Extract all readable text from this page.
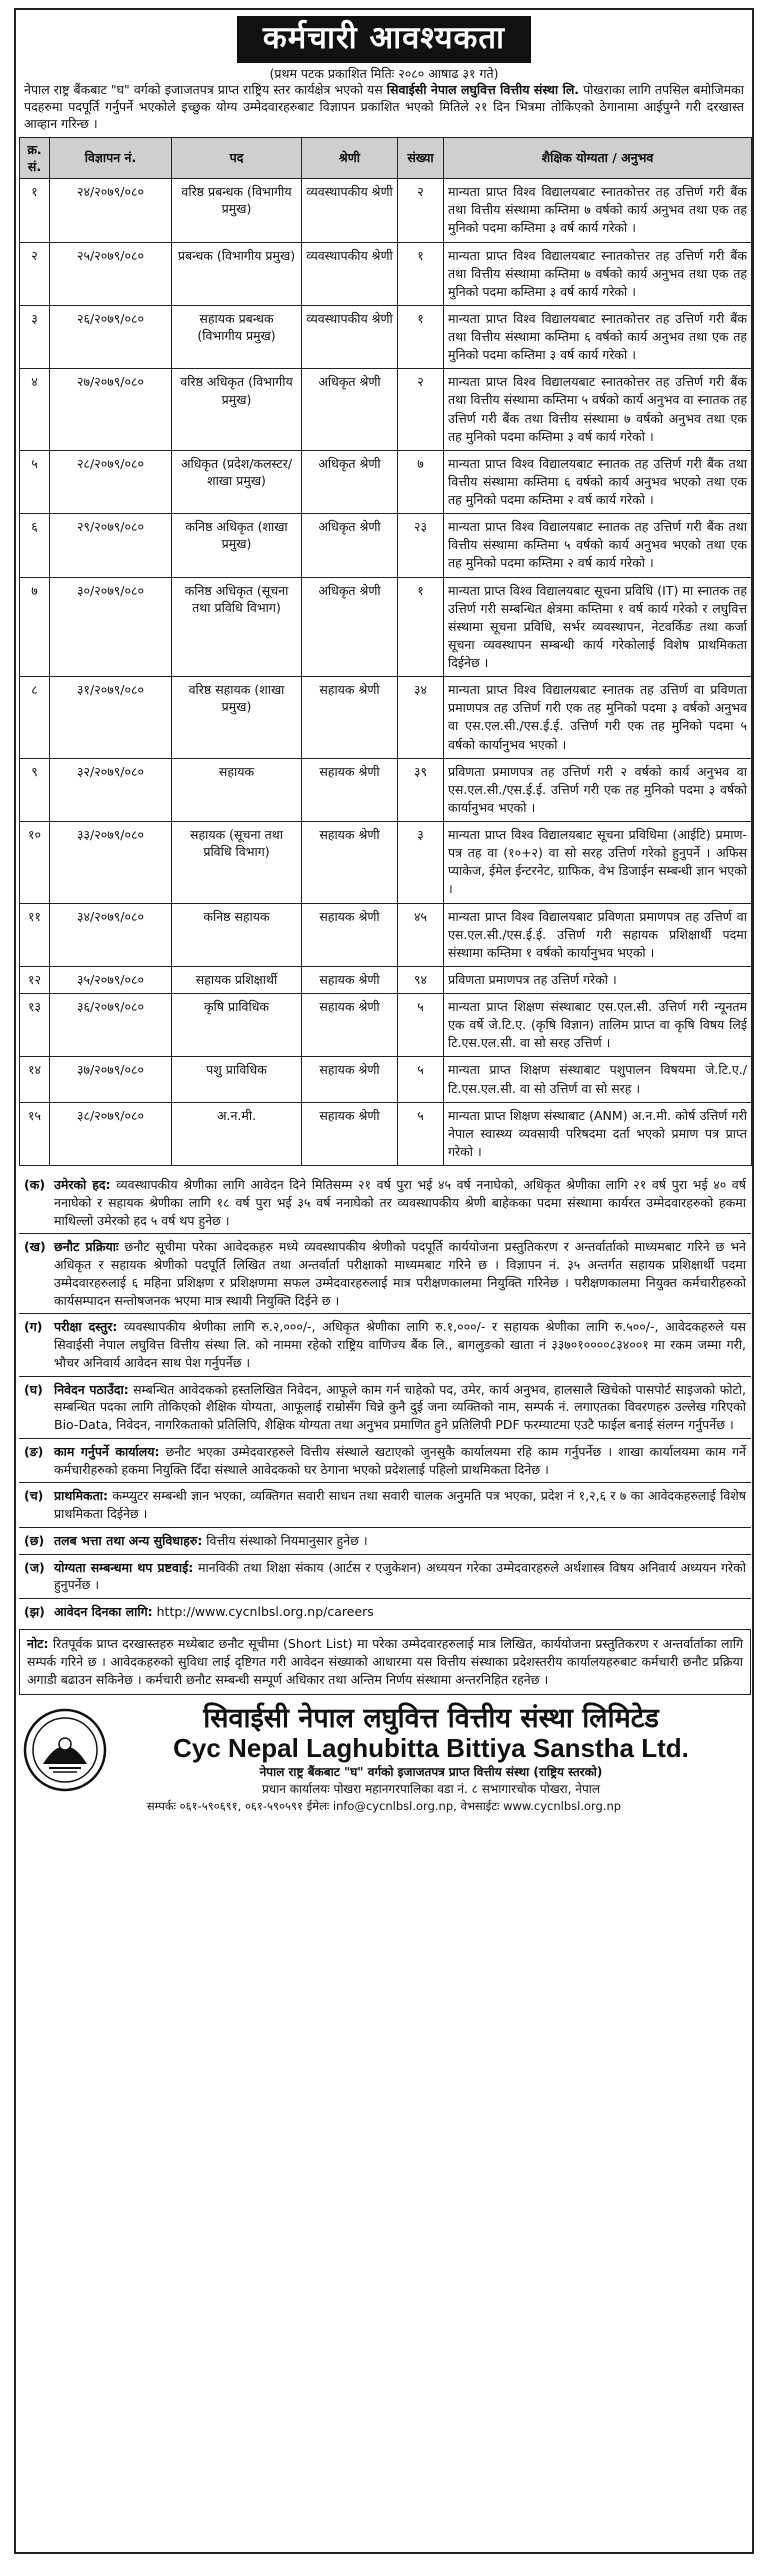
कर्मचारी आवश्यकता
(प्रथम पटक प्रकाशित मितिः २०८० आषाढ ३१ गते)
नेपाल राष्ट्र बैंकबाट "घ" वर्गको इजाजतपत्र प्राप्त राष्ट्रिय स्तर कार्यक्षेत्र भएको यस सिवाईसी नेपाल लघुवित्त वित्तीय संस्था लि. पोखराका लागि तपसिल बमोजिमका पदहरुमा पदपूर्ति गर्नुपर्ने भएकोले इच्छुक योग्य उम्मेदवारहरुबाट विज्ञापन प्रकाशित भएको मितिले २१ दिन भित्रमा तोकिएको ठेगानामा आईपुग्ने गरी दरखास्त आव्हान गरिन्छ ।
क्र. सं.	विज्ञापन नं.	पद	श्रेणी	संख्या	शैक्षिक योग्यता / अनुभव
१	२४/२०७९/०८०	वरिष्ठ प्रबन्धक (विभागीय प्रमुख)	व्यवस्थापकीय श्रेणी	२	मान्यता प्राप्त विश्व विद्यालयबाट स्नातकोत्तर तह उत्तिर्ण गरी बैंक तथा वित्तीय संस्थामा कम्तिमा ७ वर्षको कार्य अनुभव तथा एक तह मुनिको पदमा कम्तिमा ३ वर्ष कार्य गरेको ।
२	२५/२०७९/०८०	प्रबन्धक (विभागीय प्रमुख)	व्यवस्थापकीय श्रेणी	१	मान्यता प्राप्त विश्व विद्यालयबाट स्नातकोत्तर तह उत्तिर्ण गरी बैंक तथा वित्तीय संस्थामा कम्तिमा ७ वर्षको कार्य अनुभव तथा एक तह मुनिको पदमा कम्तिमा ३ वर्ष कार्य गरेको ।
३	२६/२०७९/०८०	सहायक प्रबन्धक (विभागीय प्रमुख)	व्यवस्थापकीय श्रेणी	१	मान्यता प्राप्त विश्व विद्यालयबाट स्नातकोत्तर तह उत्तिर्ण गरी बैंक तथा वित्तीय संस्थामा कम्तिमा ६ वर्षको कार्य अनुभव तथा एक तह मुनिको पदमा कम्तिमा ३ वर्ष कार्य गरेको ।
४	२७/२०७९/०८०	वरिष्ठ अधिकृत (विभागीय प्रमुख)	अधिकृत श्रेणी	२	मान्यता प्राप्त विश्व विद्यालयबाट स्नातकोत्तर तह उत्तिर्ण गरी बैंक तथा वित्तीय संस्थामा कम्तिमा ५ वर्षको कार्य अनुभव वा स्नातक तह उत्तिर्ण गरी बैंक तथा वित्तीय संस्थामा ७ वर्षको अनुभव तथा एक तह मुनिको पदमा कम्तिमा ३ वर्ष कार्य गरेको ।
५	२८/२०७९/०८०	अधिकृत (प्रदेश/कलस्टर/शाखा प्रमुख)	अधिकृत श्रेणी	७	मान्यता प्राप्त विश्व विद्यालयबाट स्नातक तह उत्तिर्ण गरी बैंक तथा वित्तीय संस्थामा कम्तिमा ६ वर्षको कार्य अनुभव भएको तथा एक तह मुनिको पदमा कम्तिमा २ वर्ष कार्य गरेको ।
६	२९/२०७९/०८०	कनिष्ठ अधिकृत (शाखा प्रमुख)	अधिकृत श्रेणी	२३	मान्यता प्राप्त विश्व विद्यालयबाट स्नातक तह उत्तिर्ण गरी बैंक तथा वित्तीय संस्थामा कम्तिमा ५ वर्षको कार्य अनुभव भएको तथा एक तह मुनिको पदमा कम्तिमा २ वर्ष कार्य गरेको ।
७	३०/२०७९/०८०	कनिष्ठ अधिकृत (सूचना तथा प्रविधि विभाग)	अधिकृत श्रेणी	१	मान्यता प्राप्त विश्व विद्यालयबाट सूचना प्रविधि (IT) मा स्नातक तह उत्तिर्ण गरी सम्बन्धित क्षेत्रमा कम्तिमा १ वर्ष कार्य गरेको र लघुवित्त संस्थामा सूचना प्रविधि, सर्भर व्यवस्थापन, नेटवर्किङ तथा कर्जा सूचना व्यवस्थापन सम्बन्धी कार्य गरेकोलाई विशेष प्राथमिकता दिईनेछ ।
८	३१/२०७९/०८०	वरिष्ठ सहायक (शाखा प्रमुख)	सहायक श्रेणी	३४	मान्यता प्राप्त विश्व विद्यालयबाट स्नातक तह उत्तिर्ण वा प्रविणता प्रमाणपत्र तह उत्तिर्ण गरी एक तह मुनिको पदमा ३ वर्षको अनुभव वा एस.एल.सी./एस.ई.ई. उत्तिर्ण गरी एक तह मुनिको पदमा ५ वर्षको कार्यानुभव भएको ।
९	३२/२०७९/०८०	सहायक	सहायक श्रेणी	३९	प्रविणता प्रमाणपत्र तह उत्तिर्ण गरी २ वर्षको कार्य अनुभव वा एस.एल.सी./एस.ई.ई. उत्तिर्ण गरी एक तह मुनिको पदमा ३ वर्षको कार्यानुभव भएको ।
१०	३३/२०७९/०८०	सहायक (सूचना तथा प्रविधि विभाग)	सहायक श्रेणी	३	मान्यता प्राप्त विश्व विद्यालयबाट सूचना प्रविधिमा (आईटि) प्रमाण-पत्र तह वा (१०+२) वा सो सरह उत्तिर्ण गरेको हुनुपर्ने । अफिस प्याकेज, ईमेल ईन्टरनेट, ग्राफिक, वेभ डिजाईन सम्बन्धी ज्ञान भएको ।
११	३४/२०७९/०८०	कनिष्ठ सहायक	सहायक श्रेणी	४५	मान्यता प्राप्त विश्व विद्यालयबाट प्रविणता प्रमाणपत्र तह उत्तिर्ण वा एस.एल.सी./एस.ई.ई. उत्तिर्ण गरी सहायक प्रशिक्षार्थी पदमा संस्थामा कम्तिमा १ वर्षको कार्यानुभव भएको ।
१२	३५/२०७९/०८०	सहायक प्रशिक्षार्थी	सहायक श्रेणी	९४	प्रविणता प्रमाणपत्र तह उत्तिर्ण गरेको ।
१३	३६/२०७९/०८०	कृषि प्राविधिक	सहायक श्रेणी	५	मान्यता प्राप्त शिक्षण संस्थाबाट एस.एल.सी. उत्तिर्ण गरी न्यूनतम एक वर्षे जे.टि.ए. (कृषि विज्ञान) तालिम प्राप्त वा कृषि विषय लिई टि.एस.एल.सी. वा सो सरह उत्तिर्ण ।
१४	३७/२०७९/०८०	पशु प्राविधिक	सहायक श्रेणी	५	मान्यता प्राप्त शिक्षण संस्थाबाट पशुपालन विषयमा जे.टि.ए./टि.एस.एल.सी. वा सो उत्तिर्ण वा सो सरह ।
१५	३८/२०७९/०८०	अ.न.मी.	सहायक श्रेणी	५	मान्यता प्राप्त शिक्षण संस्थाबाट (ANM) अ.न.मी. कोर्ष उत्तिर्ण गरी नेपाल स्वास्थ्य व्यवसायी परिषदमा दर्ता भएको प्रमाण पत्र प्राप्त गरेको ।
(क) उमेरको हद: व्यवस्थापकीय श्रेणीका लागि आवेदन दिने मितिसम्म २१ वर्ष पुरा भई ४५ वर्ष ननाघेको, अधिकृत श्रेणीका लागि २१ वर्ष पुरा भई ४० वर्ष ननाघेको र सहायक श्रेणीका लागि १८ वर्ष पुरा भई ३५ वर्ष ननाघेको तर व्यवस्थापकीय श्रेणी बाहेकका पदमा संस्थामा कार्यरत उम्मेदवारहरुको हकमा माथिल्लो उमेरको हद ५ वर्ष थप हुनेछ ।
(ख) छनौट प्रक्रियाः छनौट सूचीमा परेका आवेदकहरु मध्ये व्यवस्थापकीय श्रेणीको पदपूर्ति कार्ययोजना प्रस्तुतिकरण र अन्तर्वार्ताको माध्यमबाट गरिने छ भने अधिकृत र सहायक श्रेणीको पदपूर्ति लिखित तथा अन्तर्वार्ता परीक्षाको माध्यमबाट गरिने छ । विज्ञापन नं. ३५ अन्तर्गत सहायक प्रशिक्षार्थी पदमा उम्मेदवारहरुलाई ६ महिना प्रशिक्षण र प्रशिक्षणमा सफल उम्मेदवारहरुलाई मात्र परीक्षणकालमा नियुक्ति गरिनेछ । परीक्षणकालमा नियुक्त कर्मचारीहरुको कार्यसम्पादन सन्तोषजनक भएमा मात्र स्थायी नियुक्ति दिईने छ ।
(ग) परीक्षा दस्तुर: व्यवस्थापकीय श्रेणीका लागि रु.२,०००/-, अधिकृत श्रेणीका लागि रु.१,०००/- र सहायक श्रेणीका लागि रु.५००/-, आवेदकहरुले यस सिवाईसी नेपाल लघुवित्त वित्तीय संस्था लि. को नाममा रहेको राष्ट्रिय वाणिज्य बैंक लि., बागलुङको खाता नं ३३७०१००००८३४००१ मा रकम जम्मा गरी, भौचर अनिवार्य आवेदन साथ पेश गर्नुपर्नेछ ।
(घ) निवेदन पठाउँदा: सम्बन्धित आवेदकको हस्तलिखित निवेदन, आफूले काम गर्न चाहेको पद, उमेर, कार्य अनुभव, हालसालै खिचेको पासपोर्ट साइजको फोटो, सम्बन्धित पदका लागि तोकिएको शैक्षिक योग्यता, आफूलाई राम्रोसँग चिन्ने कुनै दुई जना व्यक्तिको नाम, सम्पर्क नं. लगाएतका विवरणहरु उल्लेख गरिएको Bio-Data, निवेदन, नागरिकताको प्रतिलिपि, शैक्षिक योग्यता तथा अनुभव प्रमाणित हुने प्रतिलिपी PDF फरम्याटमा एउटै फाईल बनाई संलग्न गर्नुपर्नेछ ।
(ङ) काम गर्नुपर्ने कार्यालय: छनौट भएका उम्मेदवारहरुले वित्तीय संस्थाले खटाएको जुनसुकै कार्यालयमा रहि काम गर्नुपर्नेछ । शाखा कार्यालयमा काम गर्ने कर्मचारीहरुको हकमा नियुक्ति दिँदा संस्थाले आवेदकको घर ठेगाना भएको प्रदेशलाई पहिलो प्राथमिकता दिनेछ ।
(च) प्राथमिकता: कम्प्युटर सम्बन्धी ज्ञान भएका, व्यक्तिगत सवारी साधन तथा सवारी चालक अनुमति पत्र भएका, प्रदेश नं १,२,६ र ७ का आवेदकहरुलाई विशेष प्राथमिकता दिईनेछ ।
(छ) तलब भत्ता तथा अन्य सुविधाहरु: वित्तीय संस्थाको नियमानुसार हुनेछ ।
(ज) योग्यता सम्बन्धमा थप प्रष्टवाई: मानविकी तथा शिक्षा संकाय (आर्टस र एजुकेशन) अध्ययन गरेका उम्मेदवारहरुले अर्थशास्त्र विषय अनिवार्य अध्ययन गरेको हुनुपर्नेछ ।
(झ) आवेदन दिनका लागि: http://www.cycnlbsl.org.np/careers
नोट: रितपूर्वक प्राप्त दरखास्तहरु मध्येबाट छनौट सूचीमा (Short List) मा परेका उम्मेदवारहरुलाई मात्र लिखित, कार्ययोजना प्रस्तुतिकरण र अन्तर्वार्ताका लागि सम्पर्क गरिने छ । आवेदकहरुको सुविधा लाई दृष्टिगत गरी आवेदन संख्याको आधारमा यस वित्तीय संस्थाका प्रदेशस्तरीय कार्यालयहरुबाट कर्मचारी छनौट प्रक्रिया अगाडी बढाउन सकिनेछ । कर्मचारी छनौट सम्बन्धी सम्पूर्ण अधिकार तथा अन्तिम निर्णय संस्थामा अन्तरनिहित रहनेछ ।
सिवाईसी नेपाल लघुवित्त वित्तीय संस्था लिमिटेड
Cyc Nepal Laghubitta Bittiya Sanstha Ltd.
नेपाल राष्ट्र बैंकबाट "घ" वर्गको इजाजतपत्र प्राप्त वित्तीय संस्था (राष्ट्रिय स्तरको)
प्रधान कार्यालयः पोखरा महानगरपालिका वडा नं. ८ सभागारचोक पोखरा, नेपाल
सम्पर्कः ०६१-५९०६९१, ०६१-५९०५९१ ईमेलः info@cycnlbsl.org.np, वेभसाईटः www.cycnlbsl.org.np
